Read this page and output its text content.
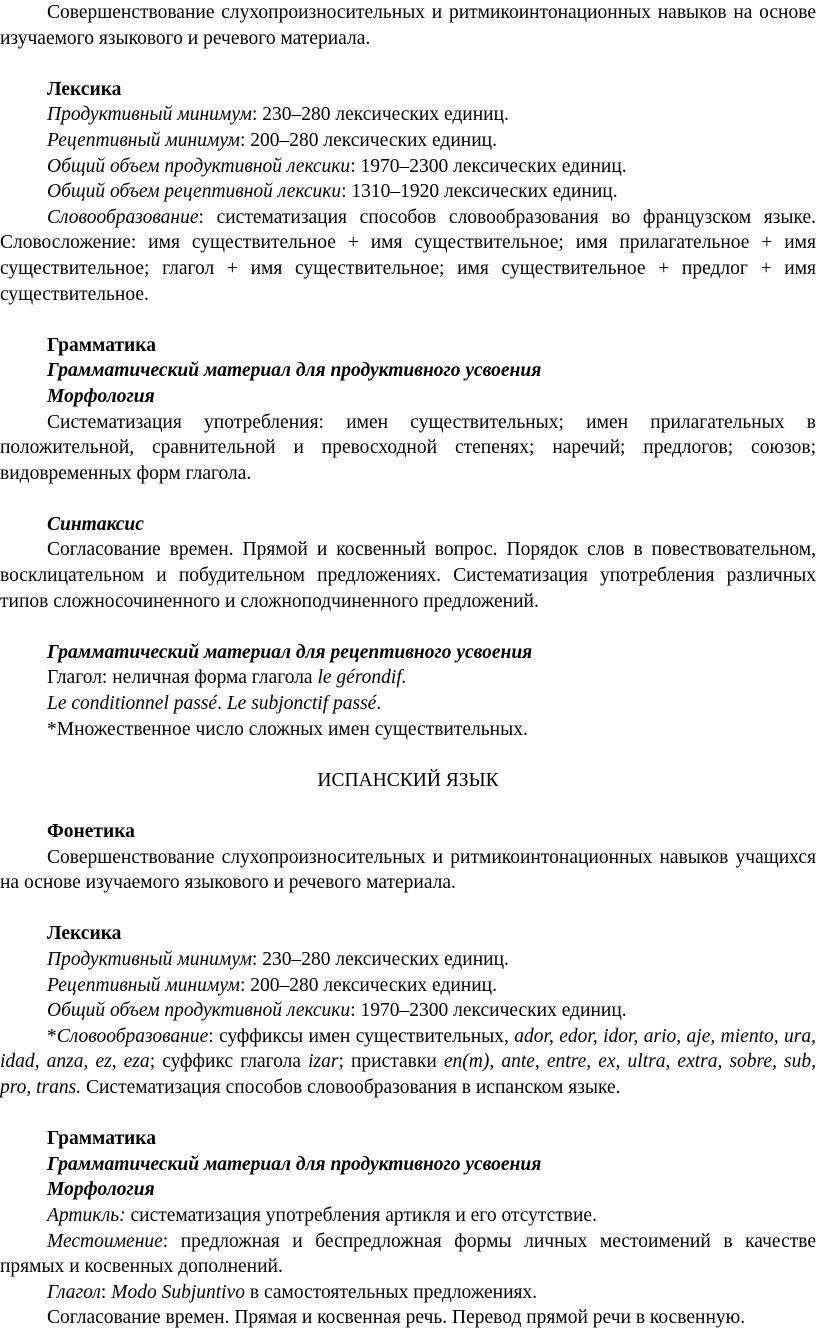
Совершенствование слухопроизносительных и ритмикоинтонационных навыков на основе изучаемого языкового и речевого материала.

Лексика

Продуктивный минимум: 230–280 лексических единиц.

Рецептивный минимум: 200–280 лексических единиц.

Общий объем продуктивной лексики: 1970–2300 лексических единиц.

Общий объем рецептивной лексики: 1310–1920 лексических единиц.

Словообразование: систематизация способов словообразования во французском языке. Словосложение: имя существительное + имя существительное; имя прилагательное + имя существительное; глагол + имя существительное; имя существительное + предлог + имя существительное.

Грамматика

Грамматический материал для продуктивного усвоения

Морфология

Систематизация употребления: имен существительных; имен прилагательных в положительной, сравнительной и превосходной степенях; наречий; предлогов; союзов; видовременных форм глагола.

Синтаксис

Согласование времен. Прямой и косвенный вопрос. Порядок слов в повествовательном, восклицательном и побудительном предложениях. Систематизация употребления различных типов сложносочиненного и сложноподчиненного предложений.

Грамматический материал для рецептивного усвоения

Глагол: неличная форма глагола le gérondif.

Le conditionnel passé. Le subjonctif passé.

*Множественное число сложных имен существительных.

ИСПАНСКИЙ ЯЗЫК

Фонетика

Совершенствование слухопроизносительных и ритмикоинтонационных навыков учащихся на основе изучаемого языкового и речевого материала.

Лексика

Продуктивный минимум: 230–280 лексических единиц.

Рецептивный минимум: 200–280 лексических единиц.

Общий объем продуктивной лексики: 1970–2300 лексических единиц.

*Словообразование: суффиксы имен существительных, ador, edor, idor, ario, aje, miento, ura, idad, anza, ez, eza; суффикс глагола izar; приставки en(m), ante, entre, ex, ultra, extra, sobre, sub, pro, trans. Систематизация способов словообразования в испанском языке.

Грамматика

Грамматический материал для продуктивного усвоения

Морфология

Артикль: систематизация употребления артикля и его отсутствие.

Местоимение: предложная и беспредложная формы личных местоимений в качестве прямых и косвенных дополнений.

Глагол: Modo Subjuntivo в самостоятельных предложениях.

Согласование времен. Прямая и косвенная речь. Перевод прямой речи в косвенную.
